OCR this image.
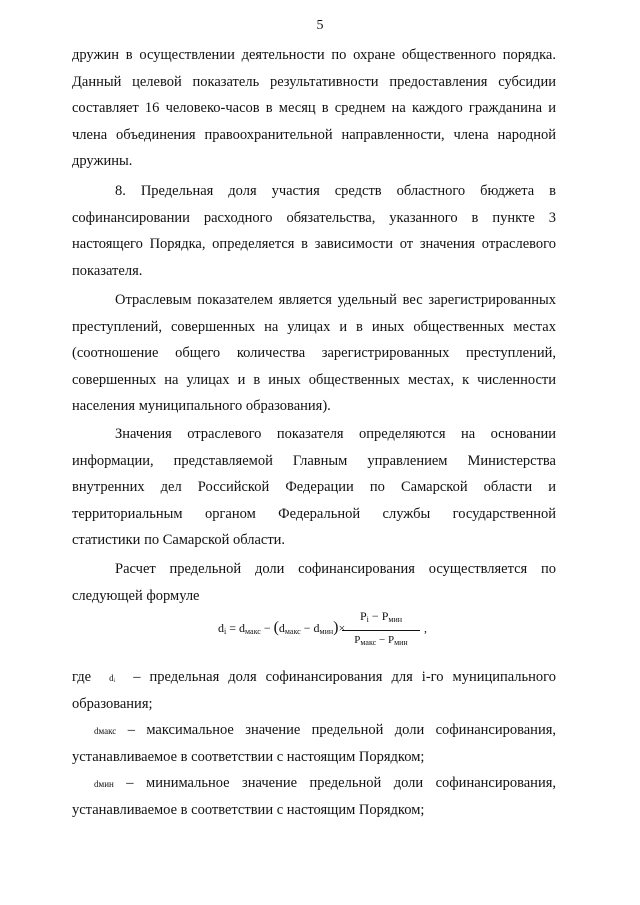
5
дружин в осуществлении деятельности по охране общественного порядка.
Данный целевой показатель результативности предоставления субсидии
составляет 16 человеко-часов в месяц в среднем на каждого гражданина и
члена объединения правоохранительной направленности, члена народной
дружины.
8. Предельная доля участия средств областного бюджета в
софинансировании расходного обязательства, указанного в пункте 3
настоящего Порядка, определяется в зависимости от значения отраслевого
показателя.
Отраслевым показателем является удельный вес зарегистрированных
преступлений, совершенных на улицах и в иных общественных местах
(соотношение общего количества зарегистрированных преступлений,
совершенных на улицах и в иных общественных местах, к численности
населения муниципального образования).
Значения отраслевого показателя определяются на основании
информации, представляемой Главным управлением Министерства
внутренних дел Российской Федерации по Самарской области и
территориальным органом Федеральной службы государственной
статистики по Самарской области.
Расчет предельной доли софинансирования осуществляется по
следующей формуле
$d_i = d_{макс} - (d_{макс} - d_{мин})\times$
$P_i - P_{мин}$
$P_{макс} - P_{мин}$
,
где dᵢ – предельная доля софинансирования для i-го муниципального
образования;
dмакс – максимальное значение предельной доли софинансирования,
устанавливаемое в соответствии с настоящим Порядком;
dмин – минимальное значение предельной доли софинансирования,
устанавливаемое в соответствии с настоящим Порядком;
